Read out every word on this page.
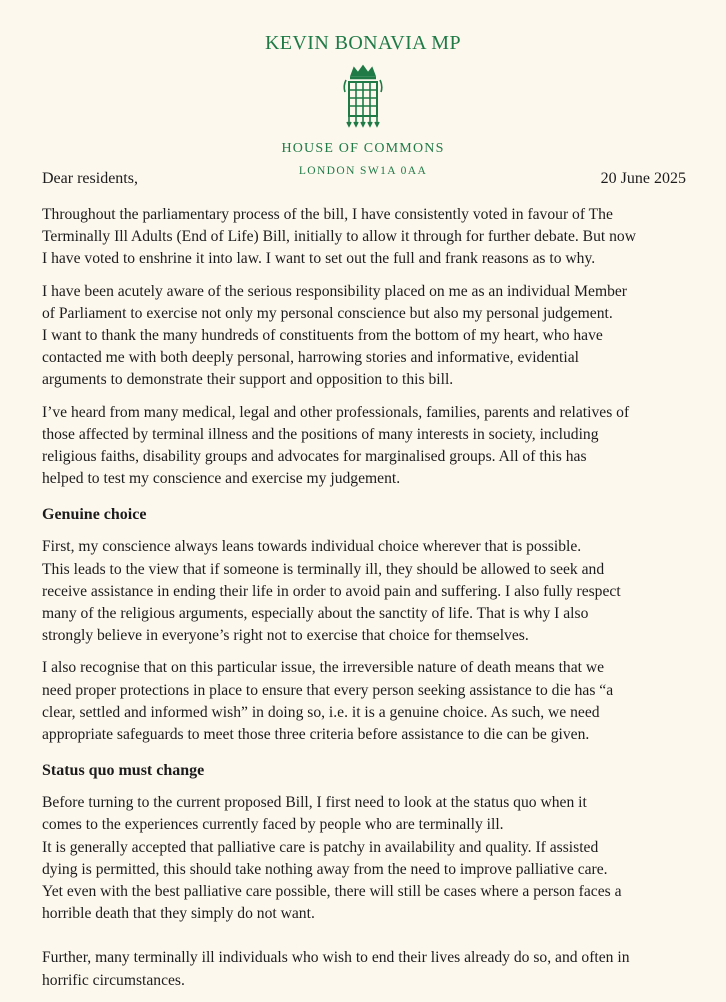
KEVIN BONAVIA MP
HOUSE OF COMMONS
LONDON SW1A 0AA
Dear residents,	20 June 2025

Throughout the parliamentary process of the bill, I have consistently voted in favour of The
Terminally Ill Adults (End of Life) Bill, initially to allow it through for further debate. But now
I have voted to enshrine it into law. I want to set out the full and frank reasons as to why.

I have been acutely aware of the serious responsibility placed on me as an individual Member
of Parliament to exercise not only my personal conscience but also my personal judgement.
I want to thank the many hundreds of constituents from the bottom of my heart, who have
contacted me with both deeply personal, harrowing stories and informative, evidential
arguments to demonstrate their support and opposition to this bill.

I’ve heard from many medical, legal and other professionals, families, parents and relatives of
those affected by terminal illness and the positions of many interests in society, including
religious faiths, disability groups and advocates for marginalised groups. All of this has
helped to test my conscience and exercise my judgement.

Genuine choice

First, my conscience always leans towards individual choice wherever that is possible.
This leads to the view that if someone is terminally ill, they should be allowed to seek and
receive assistance in ending their life in order to avoid pain and suffering. I also fully respect
many of the religious arguments, especially about the sanctity of life. That is why I also
strongly believe in everyone’s right not to exercise that choice for themselves.

I also recognise that on this particular issue, the irreversible nature of death means that we
need proper protections in place to ensure that every person seeking assistance to die has “a
clear, settled and informed wish” in doing so, i.e. it is a genuine choice. As such, we need
appropriate safeguards to meet those three criteria before assistance to die can be given.

Status quo must change

Before turning to the current proposed Bill, I first need to look at the status quo when it
comes to the experiences currently faced by people who are terminally ill.
It is generally accepted that palliative care is patchy in availability and quality. If assisted
dying is permitted, this should take nothing away from the need to improve palliative care.
Yet even with the best palliative care possible, there will still be cases where a person faces a
horrible death that they simply do not want.

Further, many terminally ill individuals who wish to end their lives already do so, and often in
horrific circumstances.
